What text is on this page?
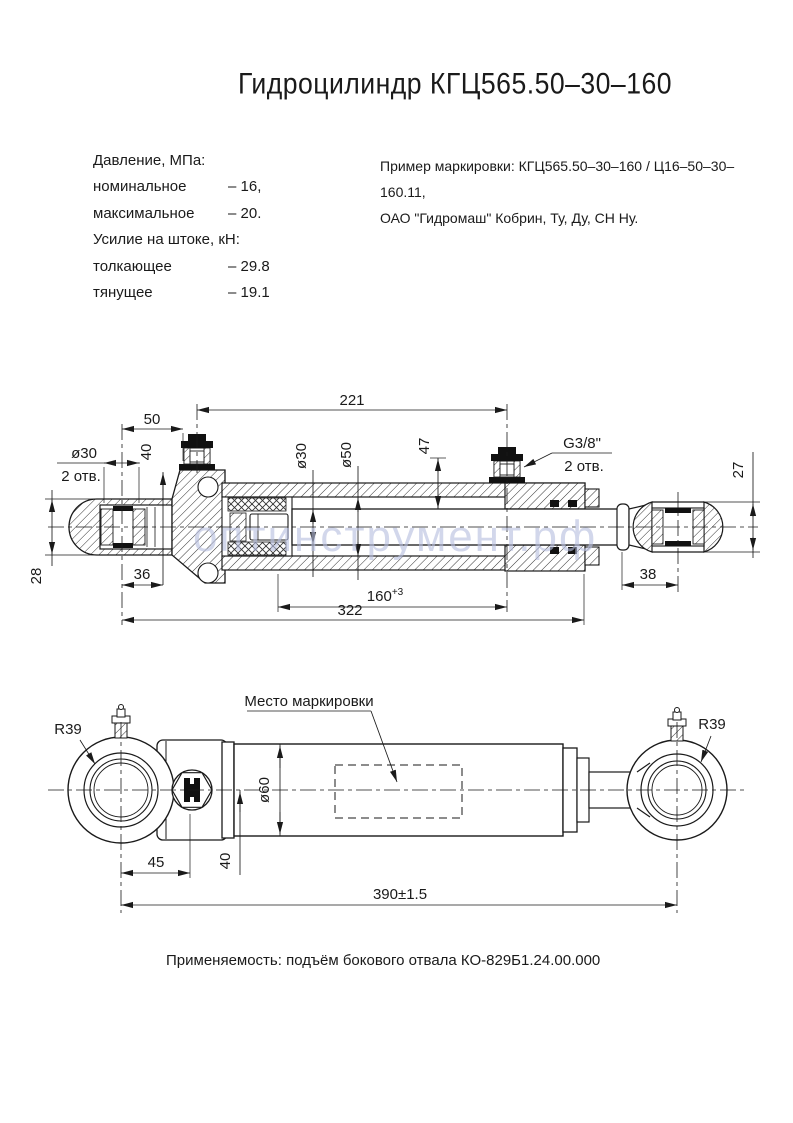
Гидроцилиндр КГЦ565.50–30–160
Давление, МПа:
номинальное	– 16,
максимальное	– 20.
Усилие на штоке, кН:
толкающее	– 29.8
тянущее	– 19.1
Пример маркировки: КГЦ565.50–30–160 / Ц16–50–30–160.11,
ОАО "Гидромаш" Кобрин, Ту, Ду, СН Ну.
221
50
40
ø30
2 отв.
ø30 ø50	47	G3/8"
2 отв.	27
28	36
$160^{+3}$
322
38
оптинструмент.рф
R39	R39
Место маркировки
ø60
40
45
390±1.5
Применяемость: подъём бокового отвала КО-829Б1.24.00.000
